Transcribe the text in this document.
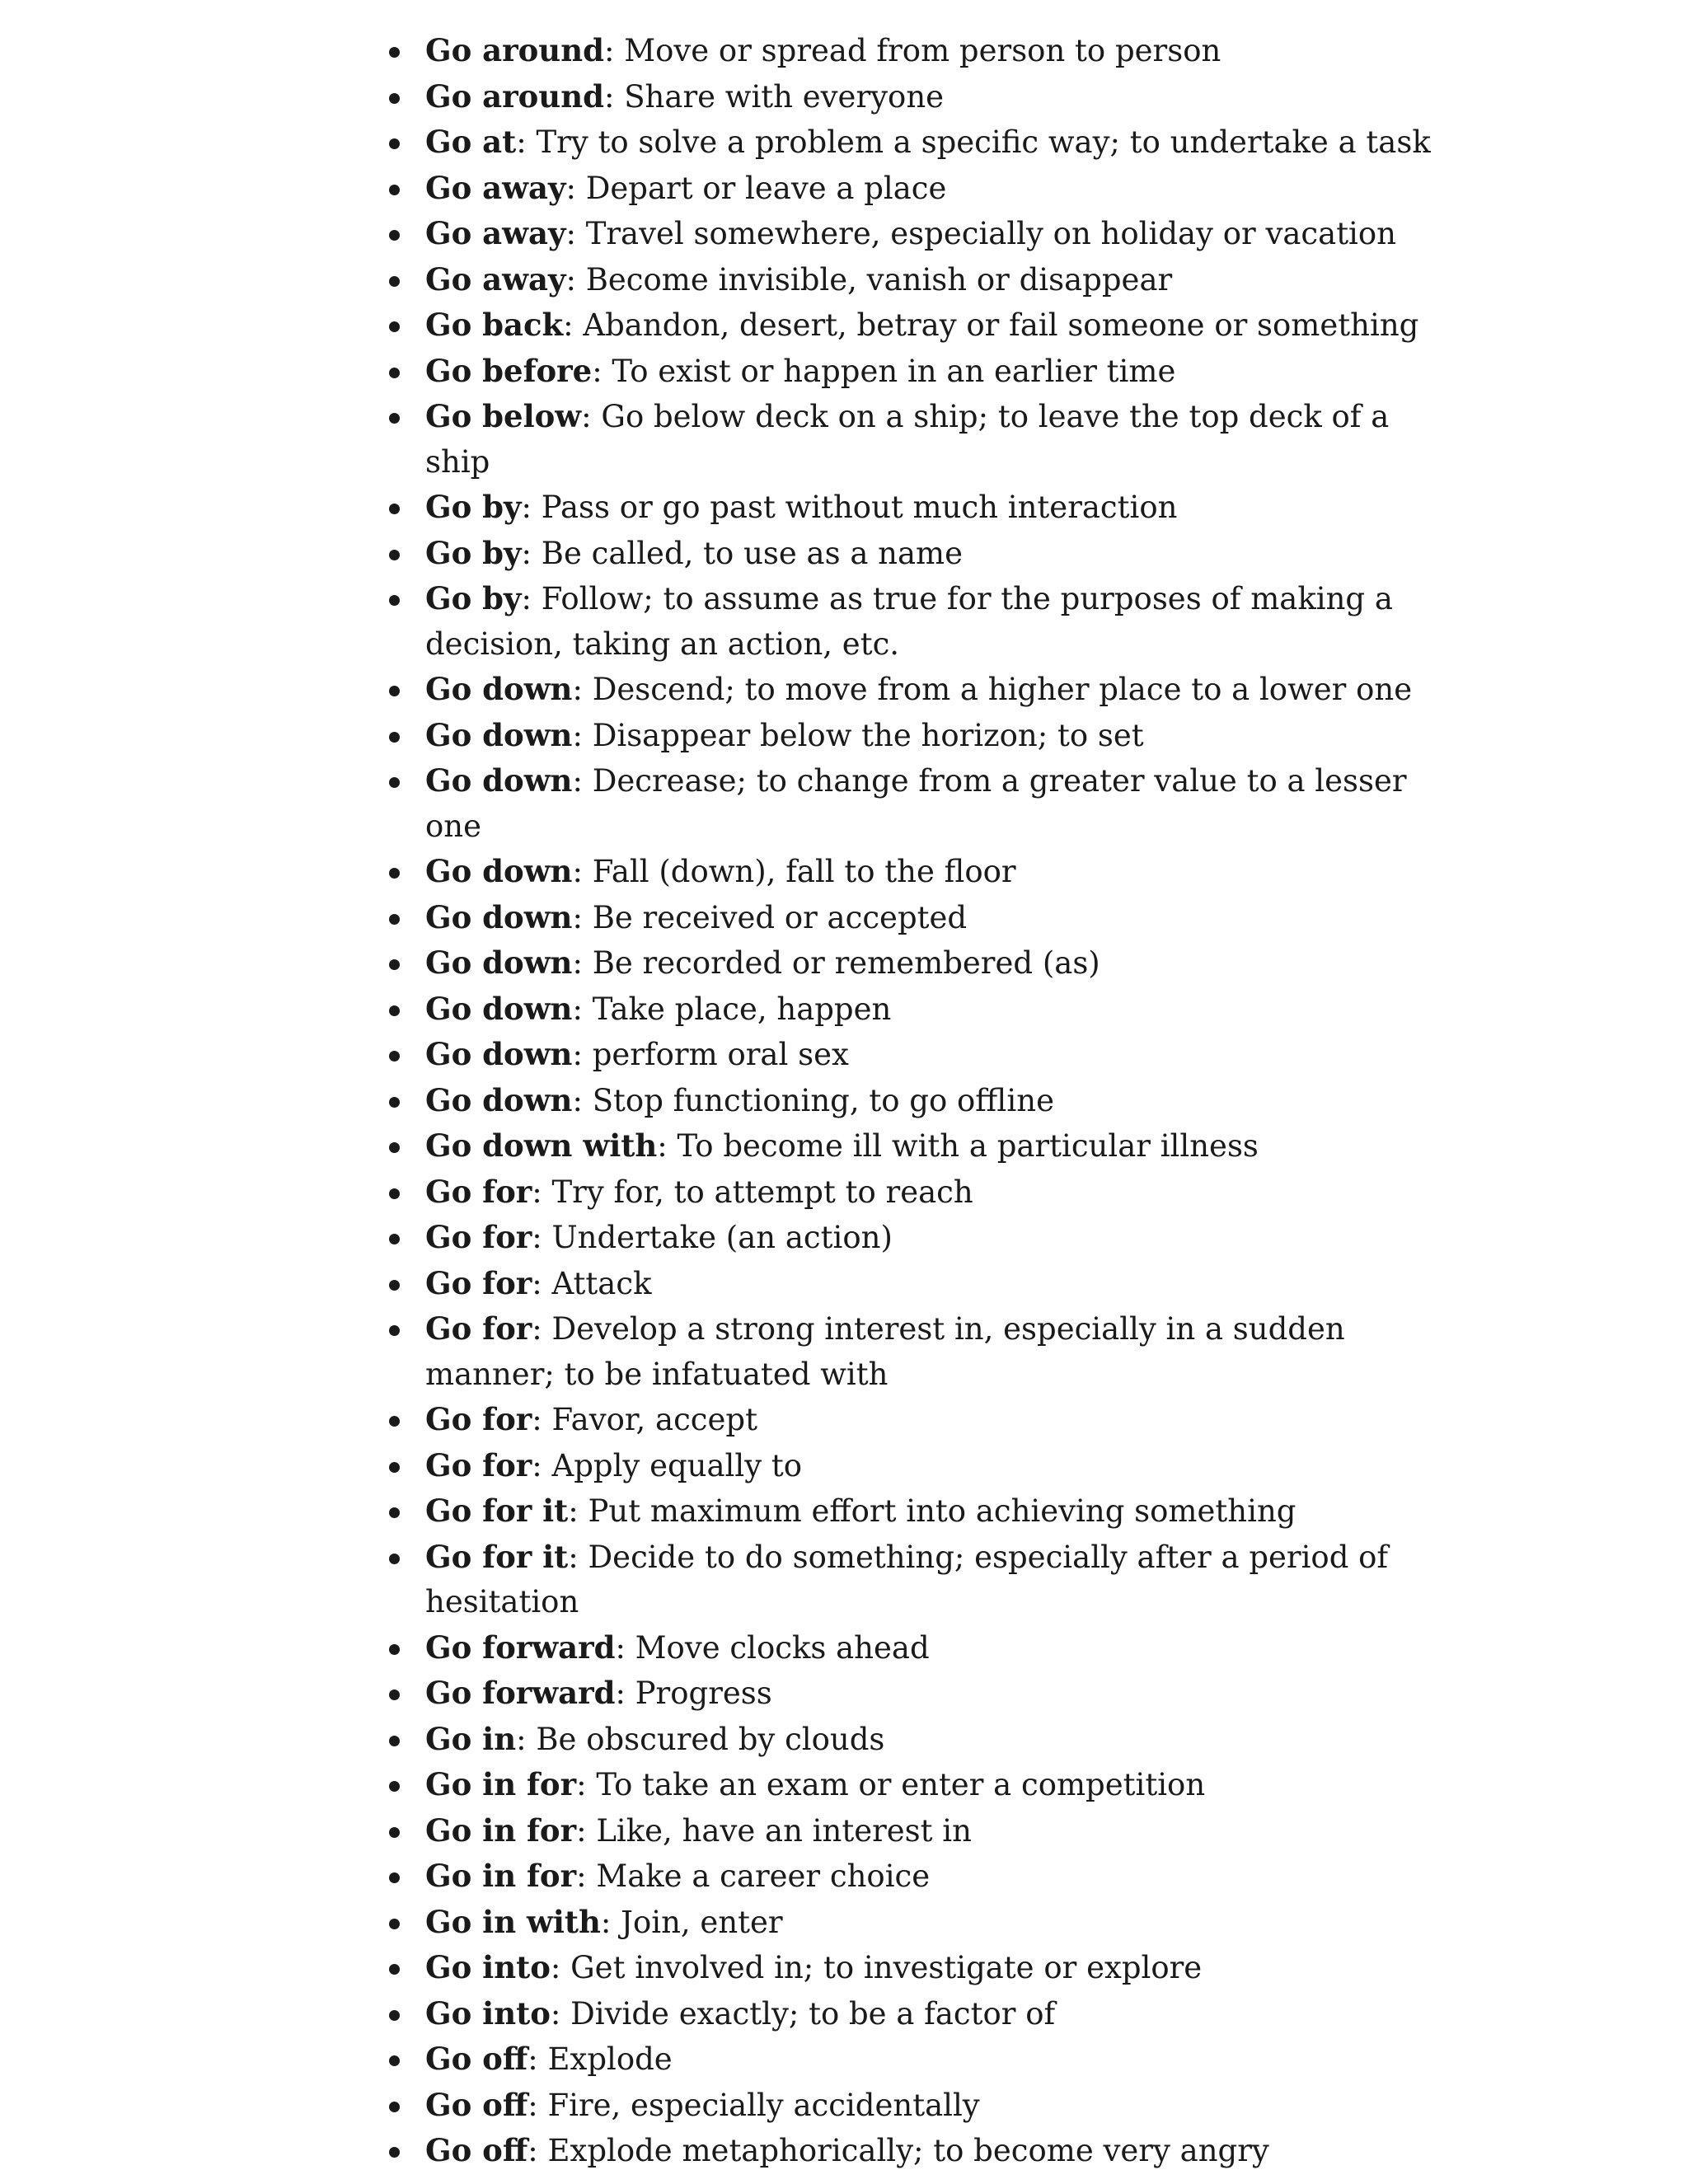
Go around: Move or spread from person to person
Go around: Share with everyone
Go at: Try to solve a problem a specific way; to undertake a task
Go away: Depart or leave a place
Go away: Travel somewhere, especially on holiday or vacation
Go away: Become invisible, vanish or disappear
Go back: Abandon, desert, betray or fail someone or something
Go before: To exist or happen in an earlier time
Go below: Go below deck on a ship; to leave the top deck of a ship
Go by: Pass or go past without much interaction
Go by: Be called, to use as a name
Go by: Follow; to assume as true for the purposes of making a decision, taking an action, etc.
Go down: Descend; to move from a higher place to a lower one
Go down: Disappear below the horizon; to set
Go down: Decrease; to change from a greater value to a lesser one
Go down: Fall (down), fall to the floor
Go down: Be received or accepted
Go down: Be recorded or remembered (as)
Go down: Take place, happen
Go down: perform oral sex
Go down: Stop functioning, to go offline
Go down with: To become ill with a particular illness
Go for: Try for, to attempt to reach
Go for: Undertake (an action)
Go for: Attack
Go for: Develop a strong interest in, especially in a sudden manner; to be infatuated with
Go for: Favor, accept
Go for: Apply equally to
Go for it: Put maximum effort into achieving something
Go for it: Decide to do something; especially after a period of hesitation
Go forward: Move clocks ahead
Go forward: Progress
Go in: Be obscured by clouds
Go in for: To take an exam or enter a competition
Go in for: Like, have an interest in
Go in for: Make a career choice
Go in with: Join, enter
Go into: Get involved in; to investigate or explore
Go into: Divide exactly; to be a factor of
Go off: Explode
Go off: Fire, especially accidentally
Go off: Explode metaphorically; to become very angry
